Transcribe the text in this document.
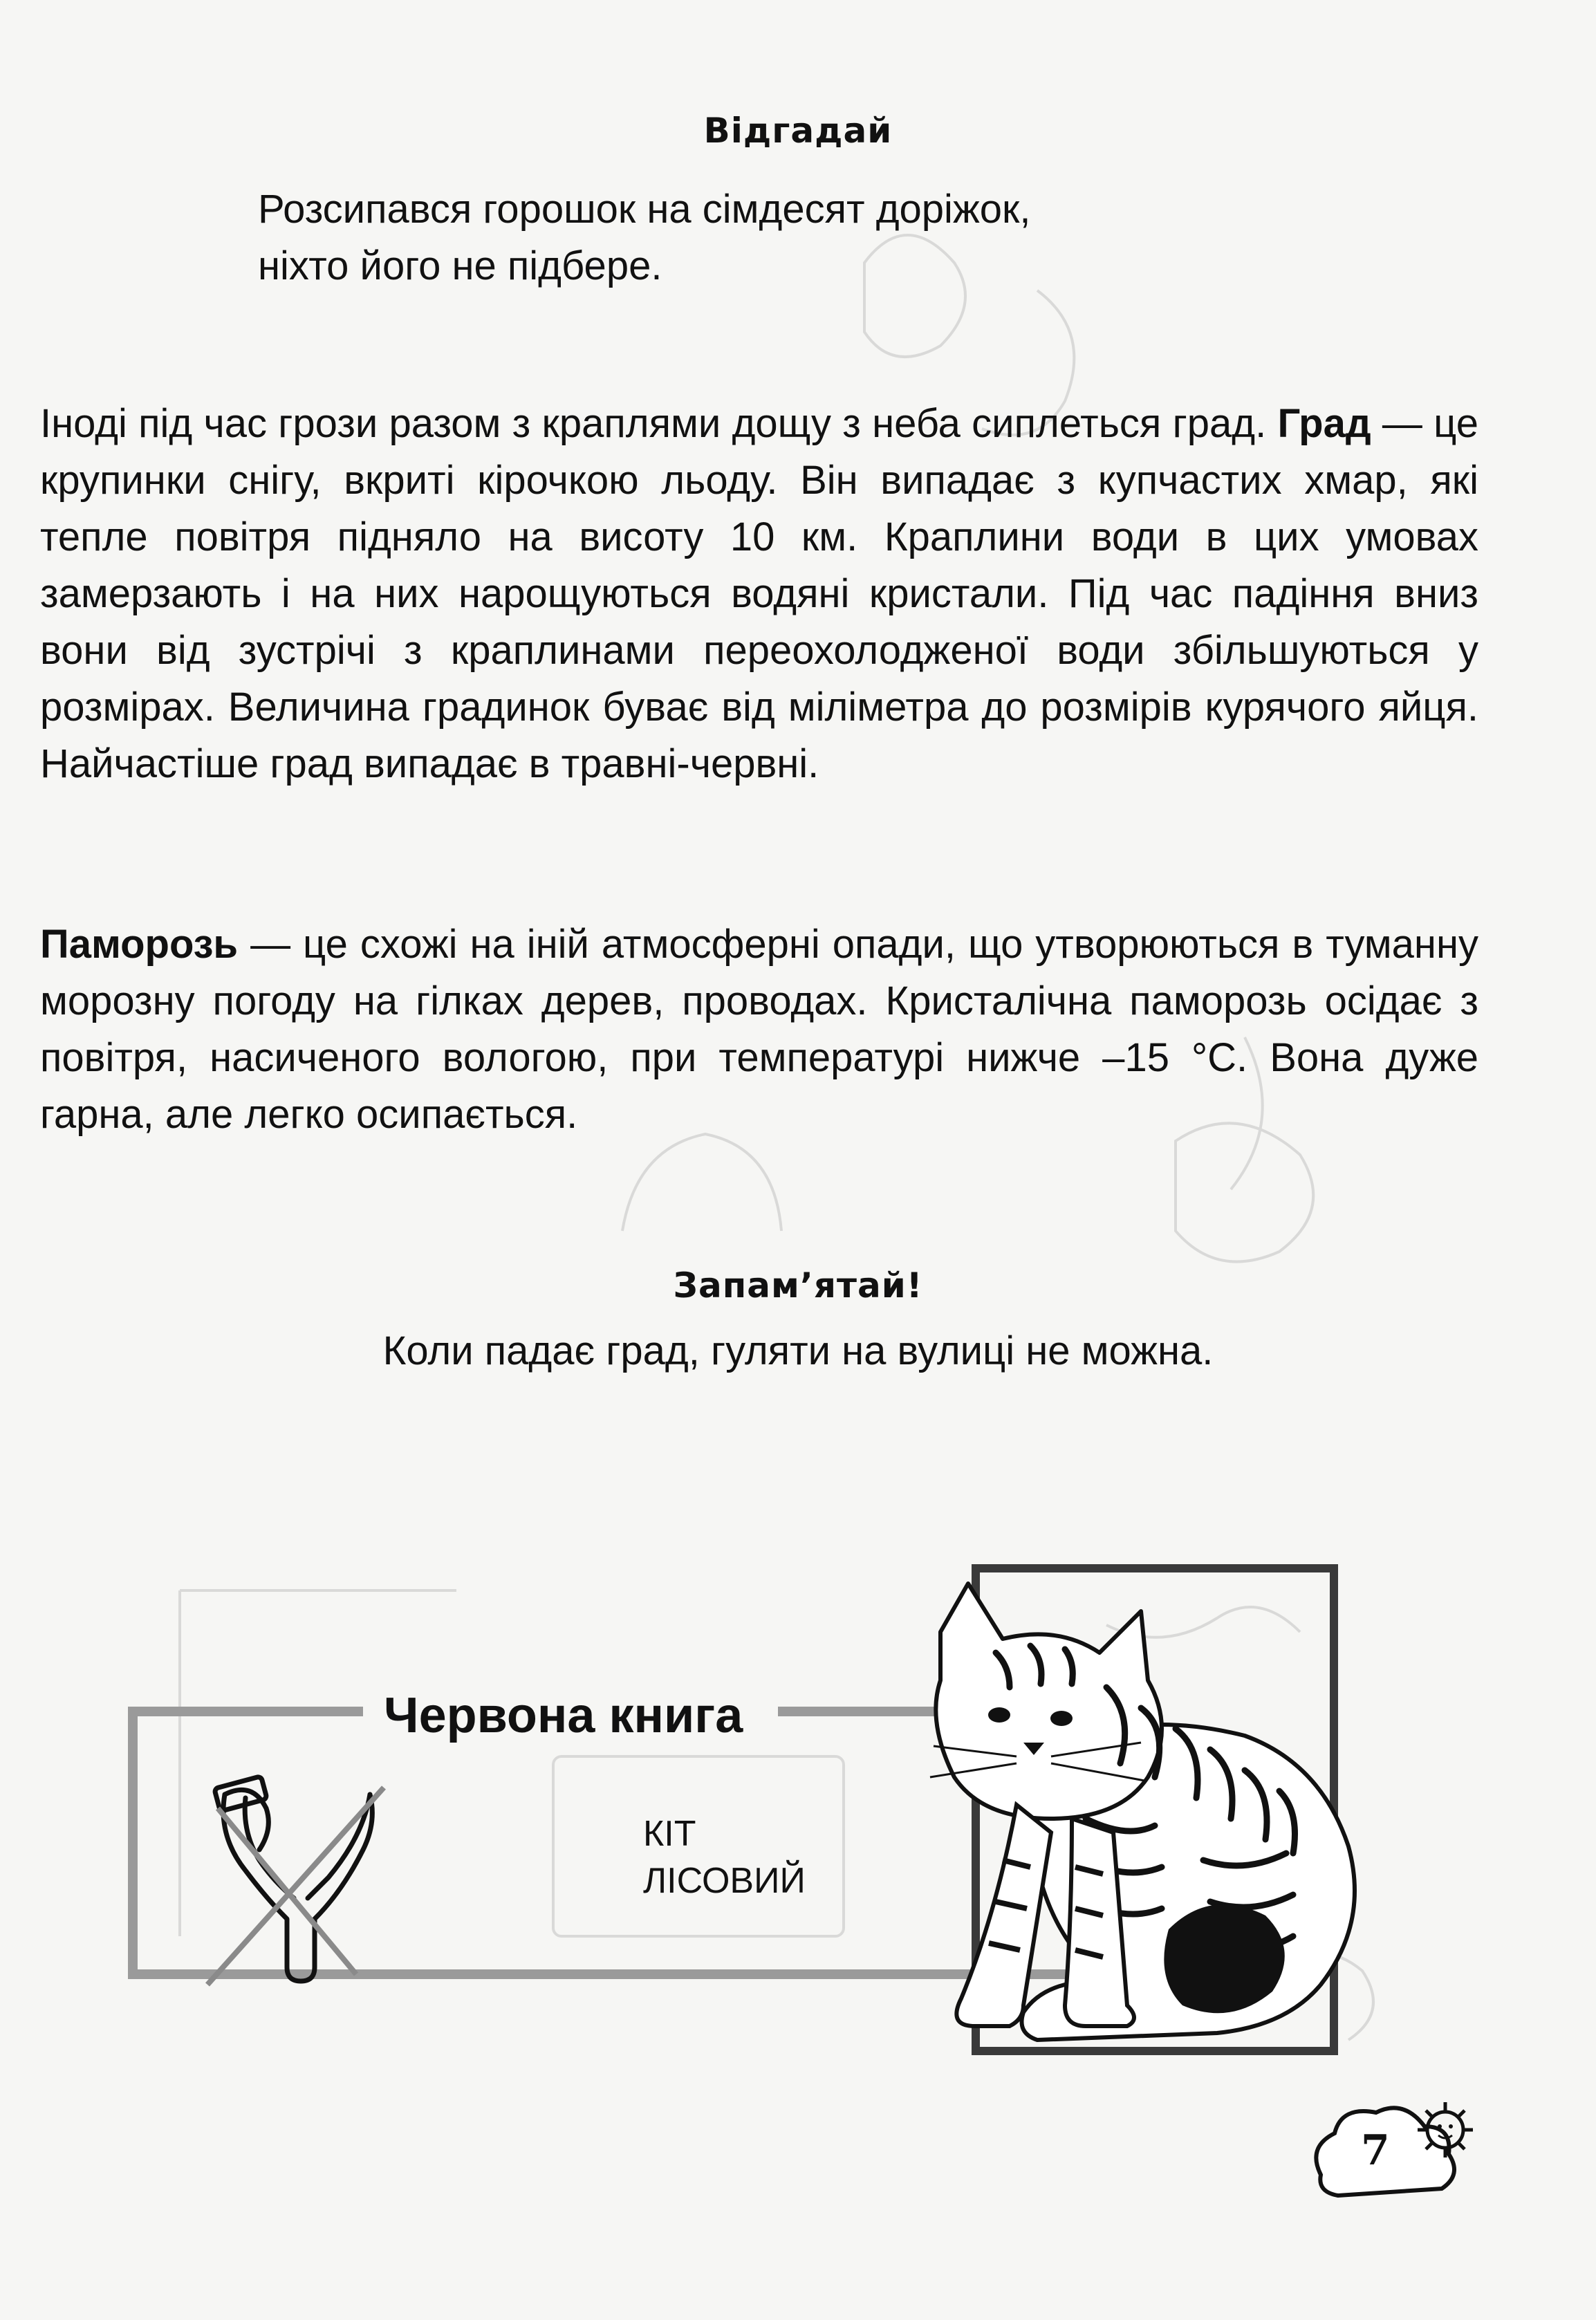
Відгадай
Розсипався горошок на сімдесят доріжок,
ніхто його не підбере.
Іноді під час грози разом з краплями дощу з неба сиплеться град. Град — це крупинки снігу, вкриті кірочкою льоду. Він випадає з купчастих хмар, які тепле повітря підняло на висоту 10 км. Краплини води в цих умовах замерзають і на них нарощуються водяні кристали. Під час падіння вниз вони від зустрічі з краплинами переохолодженої води збільшуються у розмірах. Величина градинок буває від міліметра до розмірів курячого яйця. Найчастіше град випадає в травні-червні.
Паморозь — це схожі на іній атмосферні опади, що утворюються в туманну морозну погоду на гілках дерев, проводах. Кристалічна паморозь осідає з повітря, насиченого вологою, при температурі нижче –15 °С. Вона дуже гарна, але легко осипається.
Запам’ятай!
Коли падає град, гуляти на вулиці не можна.
Червона книга
КІТ
ЛІСОВИЙ
7
